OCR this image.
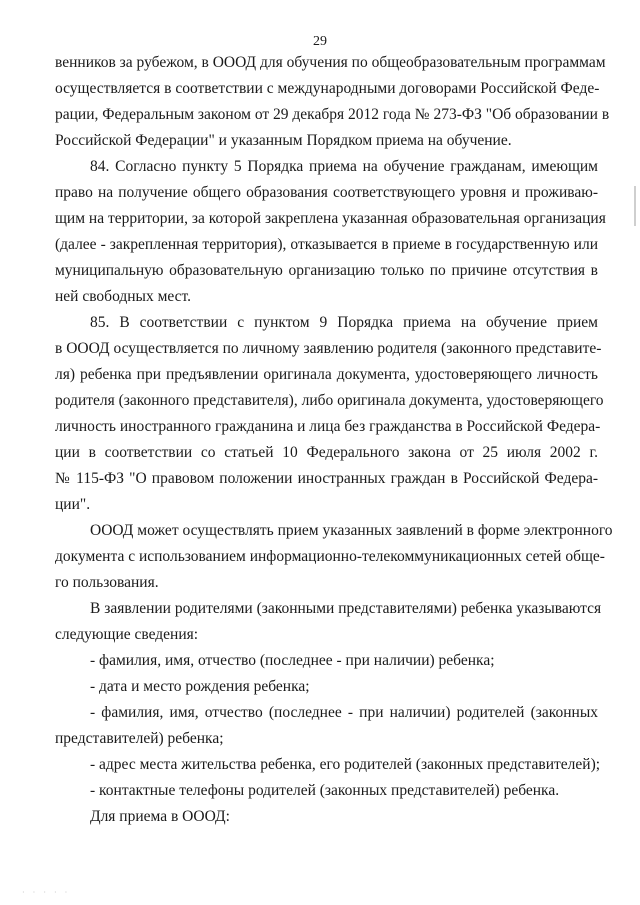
29
венников за рубежом, в ОООД для обучения по общеобразовательным программам
осуществляется в соответствии с международными договорами Российской Феде-
рации, Федеральным законом от 29 декабря 2012 года № 273-ФЗ "Об образовании в
Российской Федерации" и указанным Порядком приема на обучение.
84. Согласно пункту 5 Порядка приема на обучение гражданам, имеющим
право на получение общего образования соответствующего уровня и проживаю-
щим на территории, за которой закреплена указанная образовательная организация
(далее - закрепленная территория), отказывается в приеме в государственную или
муниципальную образовательную организацию только по причине отсутствия в
ней свободных мест.
85. В соответствии с пунктом 9 Порядка приема на обучение прием
в ОООД осуществляется по личному заявлению родителя (законного представите-
ля) ребенка при предъявлении оригинала документа, удостоверяющего личность
родителя (законного представителя), либо оригинала документа, удостоверяющего
личность иностранного гражданина и лица без гражданства в Российской Федера-
ции в соответствии со статьей 10 Федерального закона от 25 июля 2002 г.
№ 115-ФЗ "О правовом положении иностранных граждан в Российской Федера-
ции".
ОООД может осуществлять прием указанных заявлений в форме электронного
документа с использованием информационно-телекоммуникационных сетей обще-
го пользования.
В заявлении родителями (законными представителями) ребенка указываются
следующие сведения:
- фамилия, имя, отчество (последнее - при наличии) ребенка;
- дата и место рождения ребенка;
- фамилия, имя, отчество (последнее - при наличии) родителей (законных
представителей) ребенка;
- адрес места жительства ребенка, его родителей (законных представителей);
- контактные телефоны родителей (законных представителей) ребенка.
Для приема в ОООД:
· · · · ·
